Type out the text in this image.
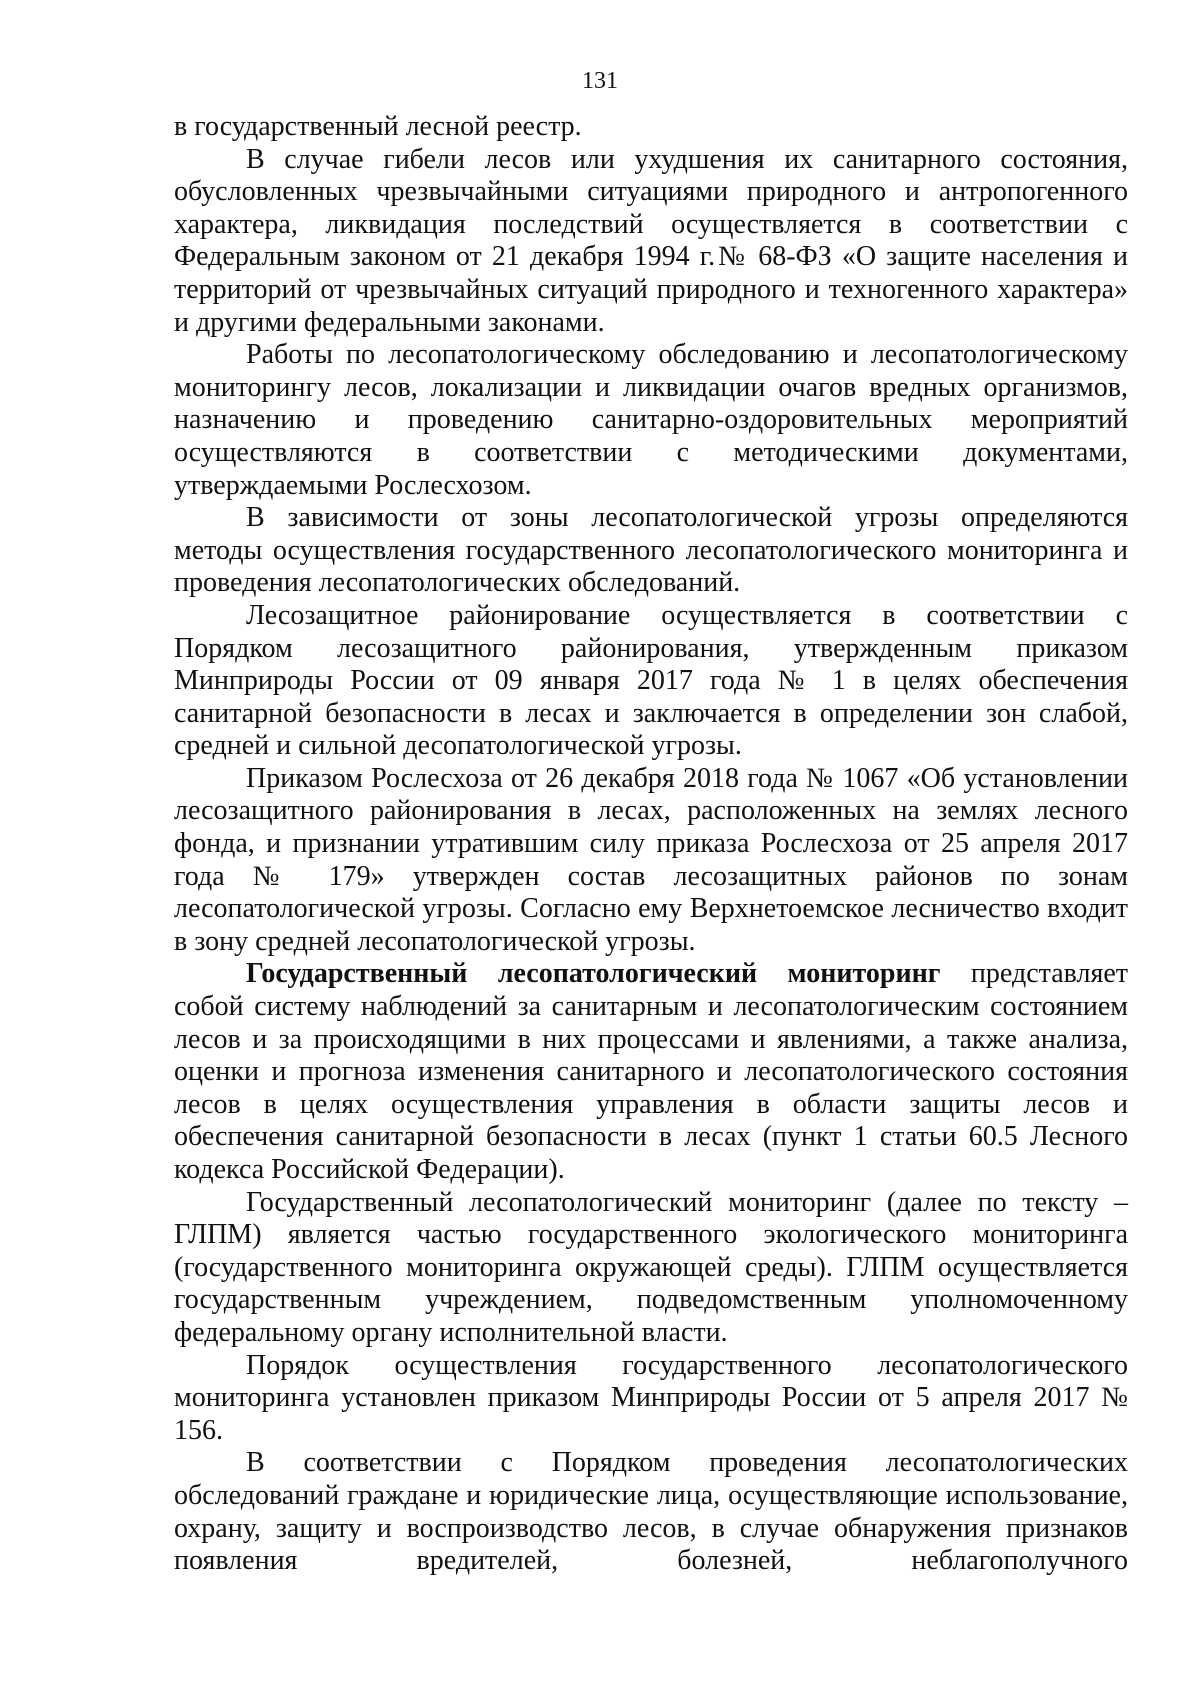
131

в государственный лесной реестр.

В случае гибели лесов или ухудшения их санитарного состояния, обусловленных чрезвычайными ситуациями природного и антропогенного характера, ликвидация последствий осуществляется в соответствии с Федеральным законом от 21 декабря 1994 г.№ 68-ФЗ «О защите населения и территорий от чрезвычайных ситуаций природного и техногенного характера» и другими федеральными законами.

Работы по лесопатологическому обследованию и лесопатологическому мониторингу лесов, локализации и ликвидации очагов вредных организмов, назначению и проведению санитарно-оздоровительных мероприятий осуществляются в соответствии с методическими документами, утверждаемыми Рослесхозом.

В зависимости от зоны лесопатологической угрозы определяются методы осуществления государственного лесопатологического мониторинга и проведения лесопатологических обследований.

Лесозащитное районирование осуществляется в соответствии с Порядком лесозащитного районирования, утвержденным приказом Минприроды России от 09 января 2017 года № 1 в целях обеспечения санитарной безопасности в лесах и заключается в определении зон слабой, средней и сильной десопатологической угрозы.

Приказом Рослесхоза от 26 декабря 2018 года № 1067 «Об установлении лесозащитного районирования в лесах, расположенных на землях лесного фонда, и признании утратившим силу приказа Рослесхоза от 25 апреля 2017 года № 179» утвержден состав лесозащитных районов по зонам лесопатологической угрозы. Согласно ему Верхнетоемское лесничество входит в зону средней лесопатологической угрозы.

Государственный лесопатологический мониторинг представляет собой систему наблюдений за санитарным и лесопатологическим состоянием лесов и за происходящими в них процессами и явлениями, а также анализа, оценки и прогноза изменения санитарного и лесопатологического состояния лесов в целях осуществления управления в области защиты лесов и обеспечения санитарной безопасности в лесах (пункт 1 статьи 60.5 Лесного кодекса Российской Федерации).

Государственный лесопатологический мониторинг (далее по тексту – ГЛПМ) является частью государственного экологического мониторинга (государственного мониторинга окружающей среды). ГЛПМ осуществляется государственным учреждением, подведомственным уполномоченному федеральному органу исполнительной власти.

Порядок осуществления государственного лесопатологического мониторинга установлен приказом Минприроды России от 5 апреля 2017 № 156.

В соответствии с Порядком проведения лесопатологических обследований граждане и юридические лица, осуществляющие использование, охрану, защиту и воспроизводство лесов, в случае обнаружения признаков появления вредителей, болезней, неблагополучного
